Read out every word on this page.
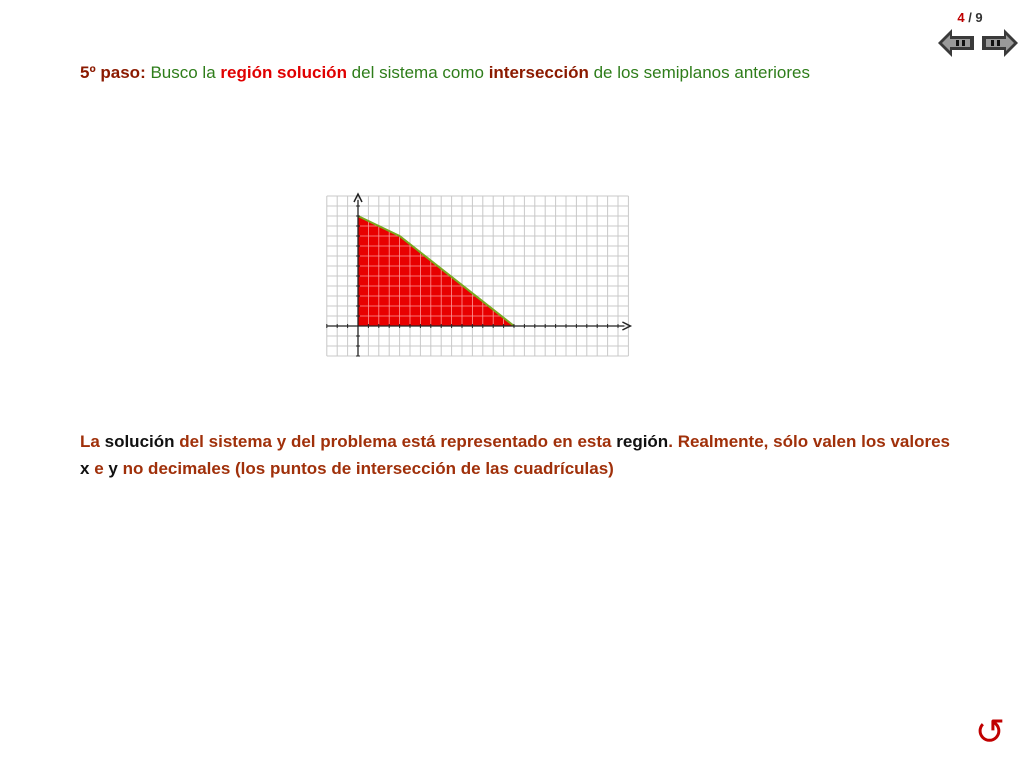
4 / 9
5º paso: Busco la región solución del sistema como intersección de los semiplanos anteriores
La solución del sistema y del problema está representado en esta región. Realmente, sólo valen los valores x e y no decimales (los puntos de intersección de las cuadrículas)
↺
